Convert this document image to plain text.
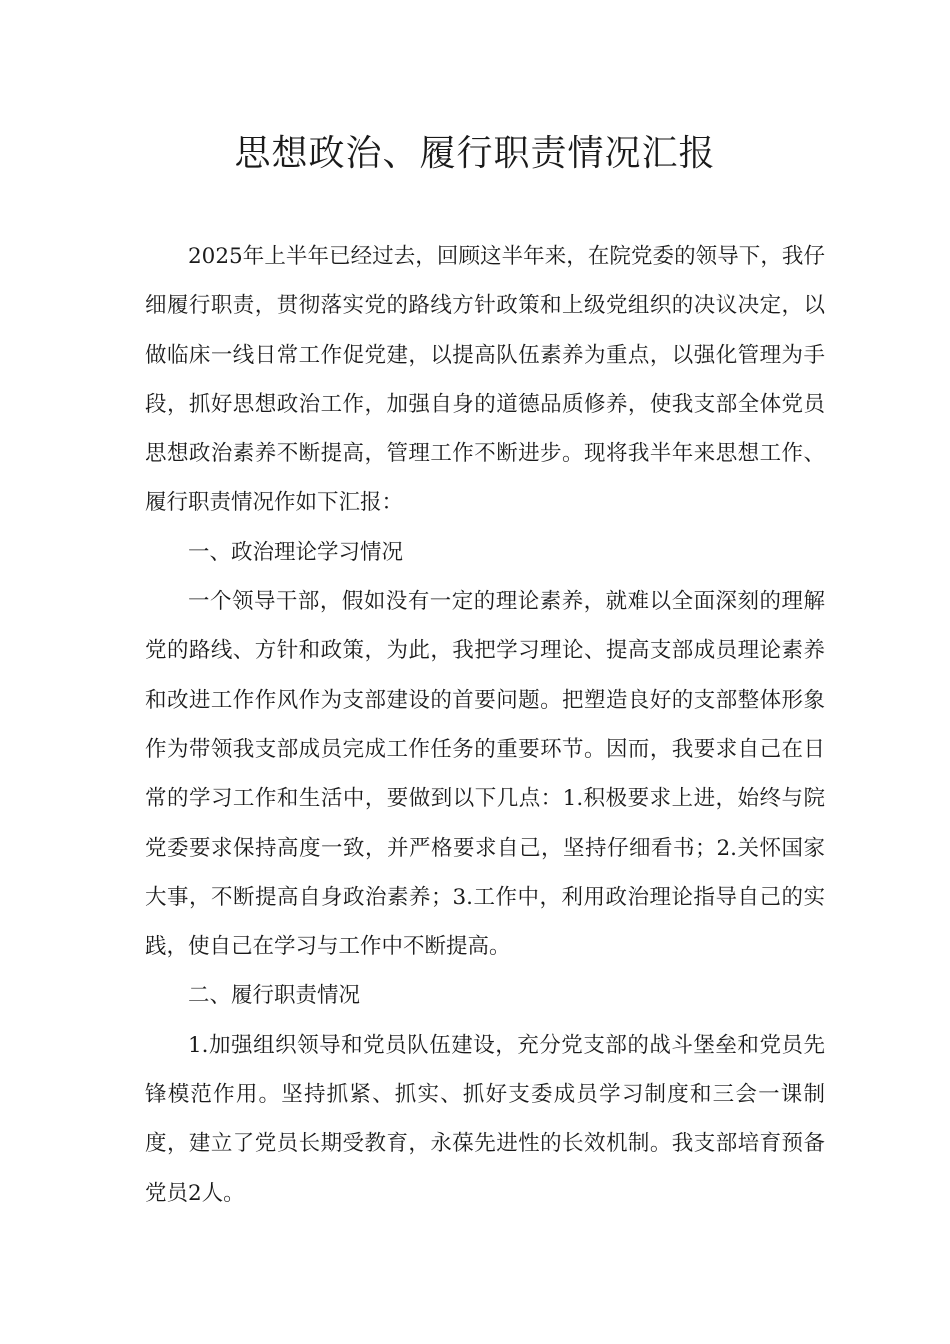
思想政治、履行职责情况汇报

2025年上半年已经过去，回顾这半年来，在院党委的领导下，我仔细履行职责，贯彻落实党的路线方针政策和上级党组织的决议决定，以做临床一线日常工作促党建，以提高队伍素养为重点，以强化管理为手段，抓好思想政治工作，加强自身的道德品质修养，使我支部全体党员思想政治素养不断提高，管理工作不断进步。现将我半年来思想工作、履行职责情况作如下汇报：

一、政治理论学习情况

一个领导干部，假如没有一定的理论素养，就难以全面深刻的理解党的路线、方针和政策，为此，我把学习理论、提高支部成员理论素养和改进工作作风作为支部建设的首要问题。把塑造良好的支部整体形象作为带领我支部成员完成工作任务的重要环节。因而，我要求自己在日常的学习工作和生活中，要做到以下几点：1.积极要求上进，始终与院党委要求保持高度一致，并严格要求自己，坚持仔细看书；2.关怀国家大事，不断提高自身政治素养；3.工作中，利用政治理论指导自己的实践，使自己在学习与工作中不断提高。

二、履行职责情况

1.加强组织领导和党员队伍建设，充分党支部的战斗堡垒和党员先锋模范作用。坚持抓紧、抓实、抓好支委成员学习制度和三会一课制度，建立了党员长期受教育，永葆先进性的长效机制。我支部培育预备党员2人。
